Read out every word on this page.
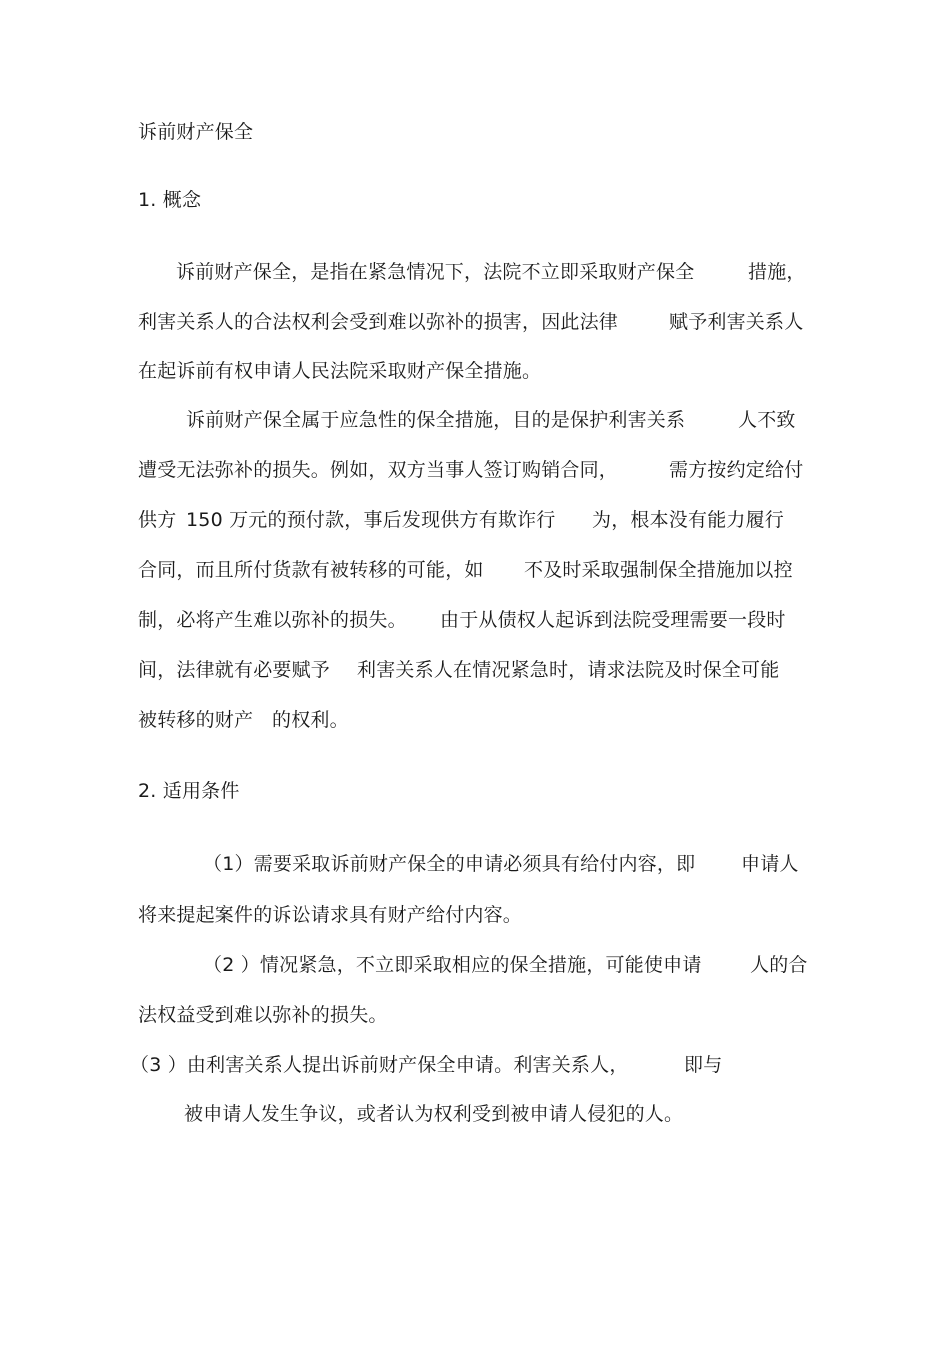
诉前财产保全
1. 概念
诉前财产保全，是指在紧急情况下，法院不立即采取财产保全	措施，
利害关系人的合法权利会受到难以弥补的损害，因此法律	赋予利害关系人
在起诉前有权申请人民法院采取财产保全措施。
诉前财产保全属于应急性的保全措施，目的是保护利害关系	人不致
遭受无法弥补的损失。例如，双方当事人签订购销合同，	需方按约定给付
供方 150 万元的预付款，事后发现供方有欺诈行 为，根本没有能力履行
合同，而且所付货款有被转移的可能，如 不及时采取强制保全措施加以控
制，必将产生难以弥补的损失。 由于从债权人起诉到法院受理需要一段时
间，法律就有必要赋予 利害关系人在情况紧急时，请求法院及时保全可能
被转移的财产 的权利。
2. 适用条件
（1）需要采取诉前财产保全的申请必须具有给付内容，即 申请人
将来提起案件的诉讼请求具有财产给付内容。
（2 ）情况紧急，不立即采取相应的保全措施，可能使申请	人的合
法权益受到难以弥补的损失。
（3 ）由利害关系人提出诉前财产保全申请。利害关系人，	即与
被申请人发生争议，或者认为权利受到被申请人侵犯的人。
